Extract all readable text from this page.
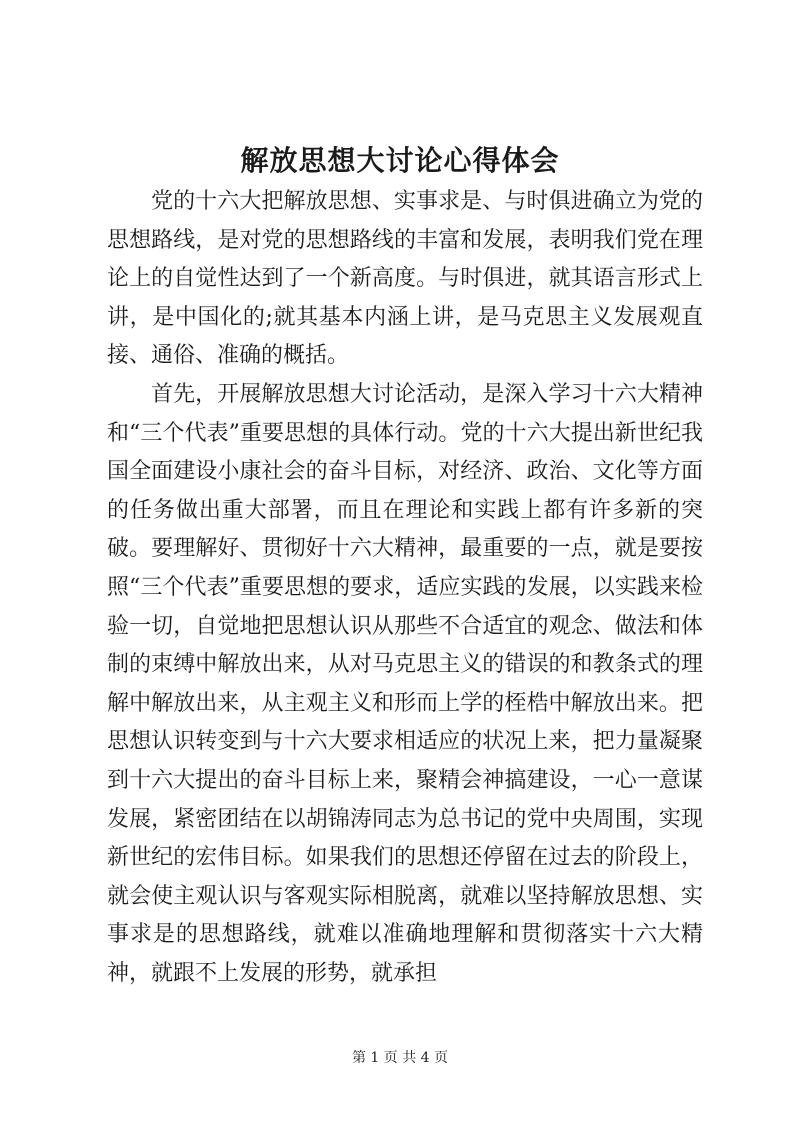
解放思想大讨论心得体会

党的十六大把解放思想、实事求是、与时俱进确立为党的思想路线，是对党的思想路线的丰富和发展，表明我们党在理论上的自觉性达到了一个新高度。与时俱进，就其语言形式上讲，是中国化的;就其基本内涵上讲，是马克思主义发展观直接、通俗、准确的概括。

首先，开展解放思想大讨论活动，是深入学习十六大精神和“三个代表”重要思想的具体行动。党的十六大提出新世纪我国全面建设小康社会的奋斗目标，对经济、政治、文化等方面的任务做出重大部署，而且在理论和实践上都有许多新的突破。要理解好、贯彻好十六大精神，最重要的一点，就是要按照“三个代表”重要思想的要求，适应实践的发展，以实践来检验一切，自觉地把思想认识从那些不合适宜的观念、做法和体制的束缚中解放出来，从对马克思主义的错误的和教条式的理解中解放出来，从主观主义和形而上学的桎梏中解放出来。把思想认识转变到与十六大要求相适应的状况上来，把力量凝聚到十六大提出的奋斗目标上来，聚精会神搞建设，一心一意谋发展，紧密团结在以胡锦涛同志为总书记的党中央周围，实现新世纪的宏伟目标。如果我们的思想还停留在过去的阶段上，就会使主观认识与客观实际相脱离，就难以坚持解放思想、实事求是的思想路线，就难以准确地理解和贯彻落实十六大精神，就跟不上发展的形势，就承担

第 1 页 共 4 页
